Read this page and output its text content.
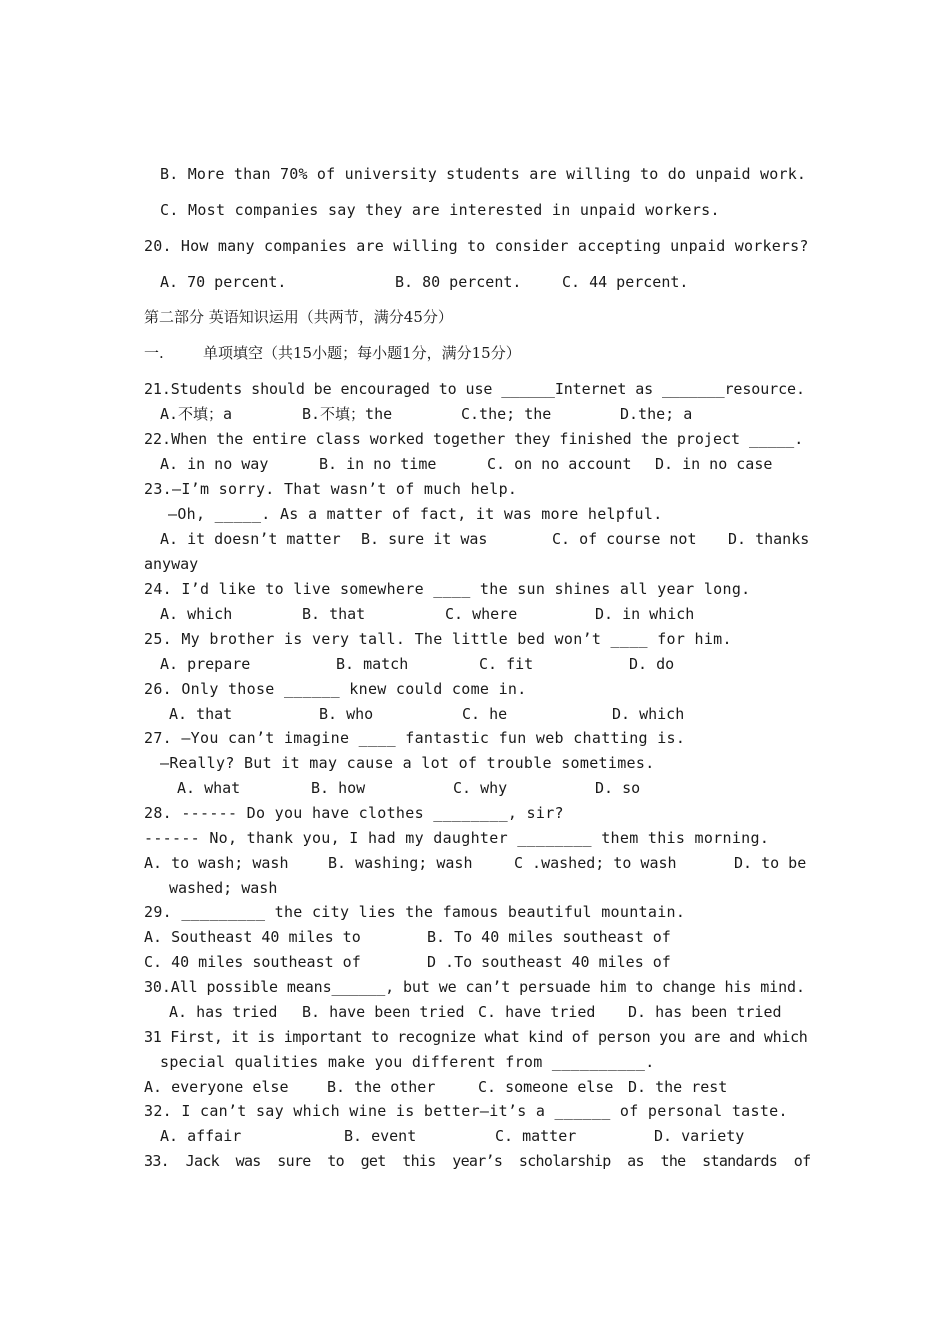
B. More than 70% of university students are willing to do unpaid work.
C. Most companies say they are interested in unpaid workers.
20. How many companies are willing to consider accepting unpaid workers?
A. 70 percent.	B. 80 percent.	C. 44 percent.
第二部分 英语知识运用（共两节，满分45分）
一.	单项填空（共15小题；每小题1分，满分15分）
21.Students should be encouraged to use ______Internet as _______resource.
A.不填；a	B.不填；the	C.the; the	D.the; a
22.When the entire class worked together they finished the project _____.
A. in no way	B. in no time	C. on no account D. in no case
23.—I’m sorry. That wasn’t of much help.
—Oh, _____. As a matter of fact, it was more helpful.
A. it doesn’t matter B. sure it was	C. of course not D. thanks
anyway
24. I’d like to live somewhere ____ the sun shines all year long.
A. which	B. that	C. where	D. in which
25. My brother is very tall. The little bed won’t ____ for him.
A. prepare	B. match	C. fit	D. do
26. Only those ______ knew could come in.
A. that	B. who	C. he	D. which
27. —You can’t imagine ____ fantastic fun web chatting is.
—Really? But it may cause a lot of trouble sometimes.
A. what	B. how	C. why	D. so
28. ------ Do you have clothes ________, sir?
------ No, thank you, I had my daughter ________ them this morning.
A. to wash; wash	B. washing; wash	C .washed; to wash	D. to be
washed; wash
29. _________ the city lies the famous beautiful mountain.
A. Southeast 40 miles to	B. To 40 miles southeast of
C. 40 miles southeast of	D .To southeast 40 miles of
30.All possible means______, but we can’t persuade him to change his mind.
A. has tried B. have been tried C. have tried D. has been tried
31 First, it is important to recognize what kind of person you are and which
special qualities make you different from __________.
A. everyone else	B. the other	C. someone else D. the rest
32. I can’t say which wine is better—it’s a ______ of personal taste.
A. affair	B. event	C. matter	D. variety
33.  Jack  was  sure  to  get  this  year’s  scholarship  as  the  standards  of
